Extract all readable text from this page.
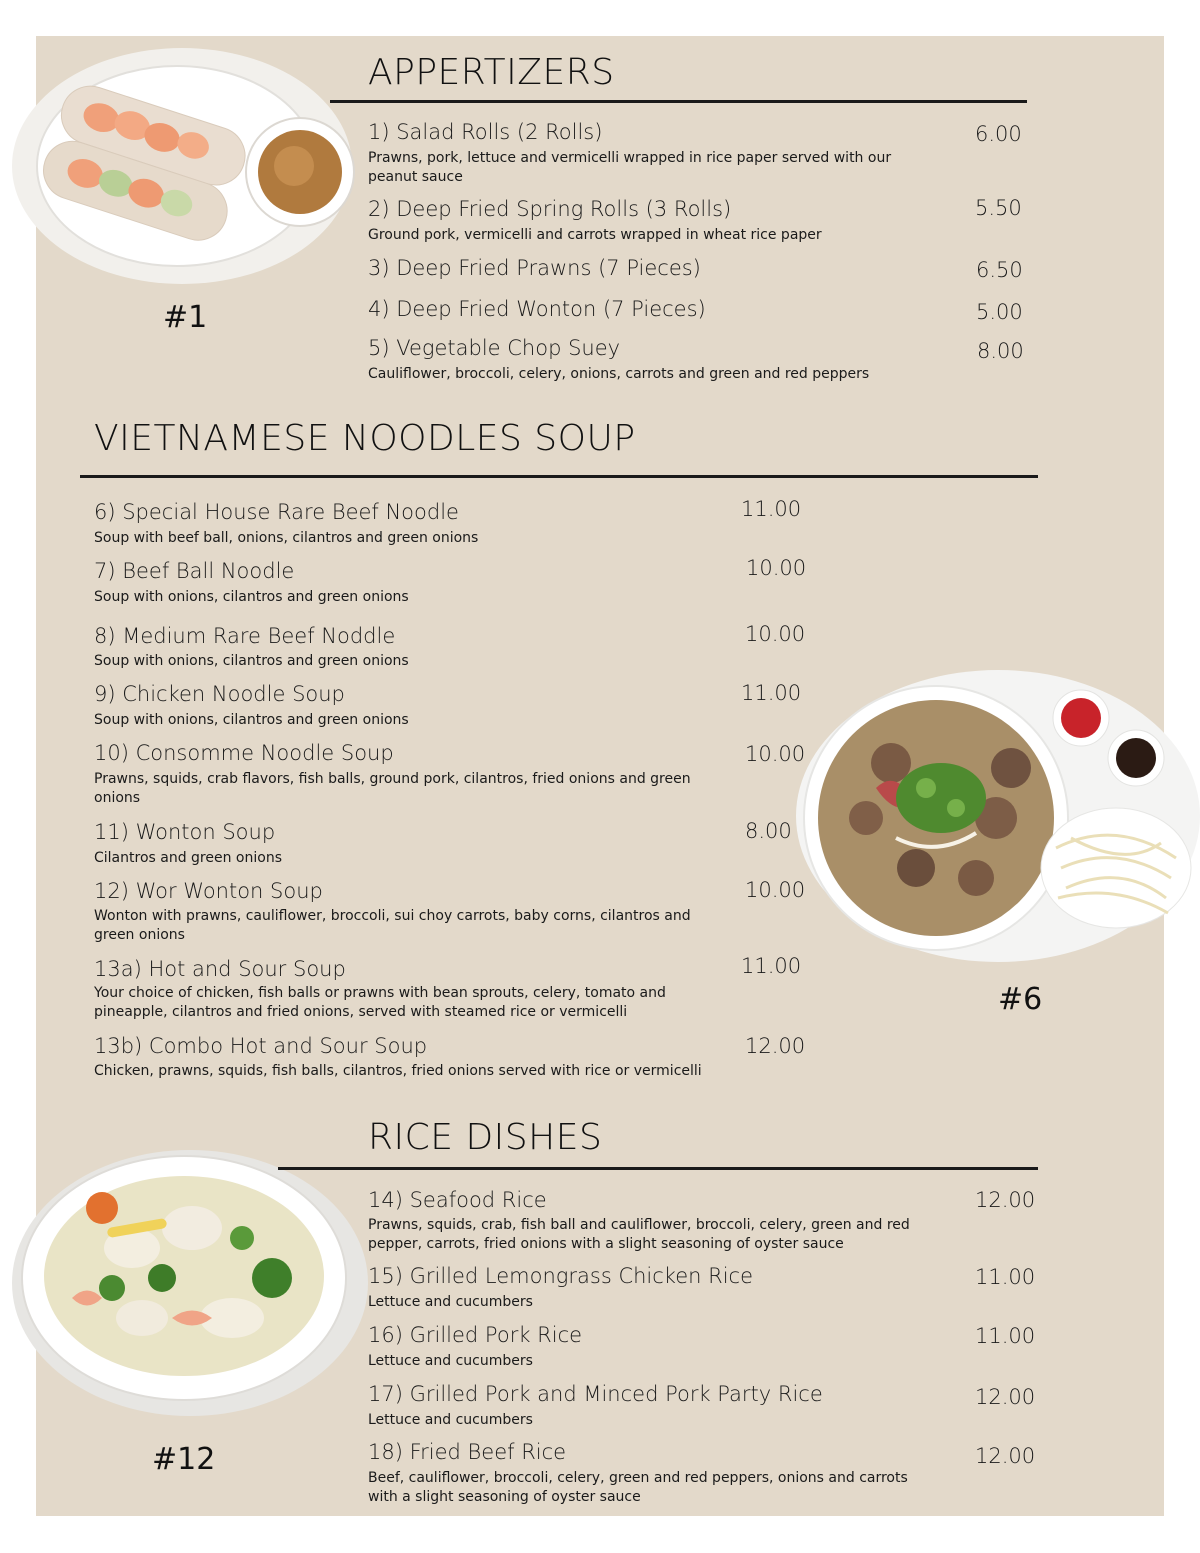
#1
#6
#12
APPERTIZERS
1) Salad Rolls (2 Rolls)
Prawns, pork, lettuce and vermicelli wrapped in rice paper served with our peanut sauce
6.00
2) Deep Fried Spring Rolls (3 Rolls)
Ground pork, vermicelli and carrots wrapped in wheat rice paper
5.50
3) Deep Fried Prawns (7 Pieces)	6.50
4) Deep Fried Wonton (7 Pieces)	5.00
5) Vegetable Chop Suey
Cauliflower, broccoli, celery, onions, carrots and green and red peppers
8.00
VIETNAMESE NOODLES SOUP
6) Special House Rare Beef Noodle
Soup with beef ball, onions, cilantros and green onions
11.00
7) Beef Ball Noodle
Soup with onions, cilantros and green onions
10.00
8) Medium Rare Beef Noddle
Soup with onions, cilantros and green onions
10.00
9) Chicken Noodle Soup
Soup with onions, cilantros and green onions
11.00
10) Consomme Noodle Soup
Prawns, squids, crab flavors, fish balls, ground pork, cilantros, fried onions and green onions
10.00
11) Wonton Soup
Cilantros and green onions
8.00
12) Wor Wonton Soup
Wonton with prawns, cauliflower, broccoli, sui choy carrots, baby corns, cilantros and green onions
10.00
13a) Hot and Sour Soup
Your choice of chicken, fish balls or prawns with bean sprouts, celery, tomato and pineapple, cilantros and fried onions, served with steamed rice or vermicelli
11.00
13b) Combo Hot and Sour Soup
Chicken, prawns, squids, fish balls, cilantros, fried onions served with rice or vermicelli
12.00
RICE DISHES
14) Seafood Rice
Prawns, squids, crab, fish ball and cauliflower, broccoli, celery, green and red pepper, carrots, fried onions with a slight seasoning of oyster sauce
12.00
15) Grilled Lemongrass Chicken Rice
Lettuce and cucumbers
11.00
16) Grilled Pork Rice
Lettuce and cucumbers
11.00
17) Grilled Pork and Minced Pork Party Rice
Lettuce and cucumbers
12.00
18) Fried Beef Rice
Beef, cauliflower, broccoli, celery, green and red peppers, onions and carrots with a slight seasoning of oyster sauce
12.00
